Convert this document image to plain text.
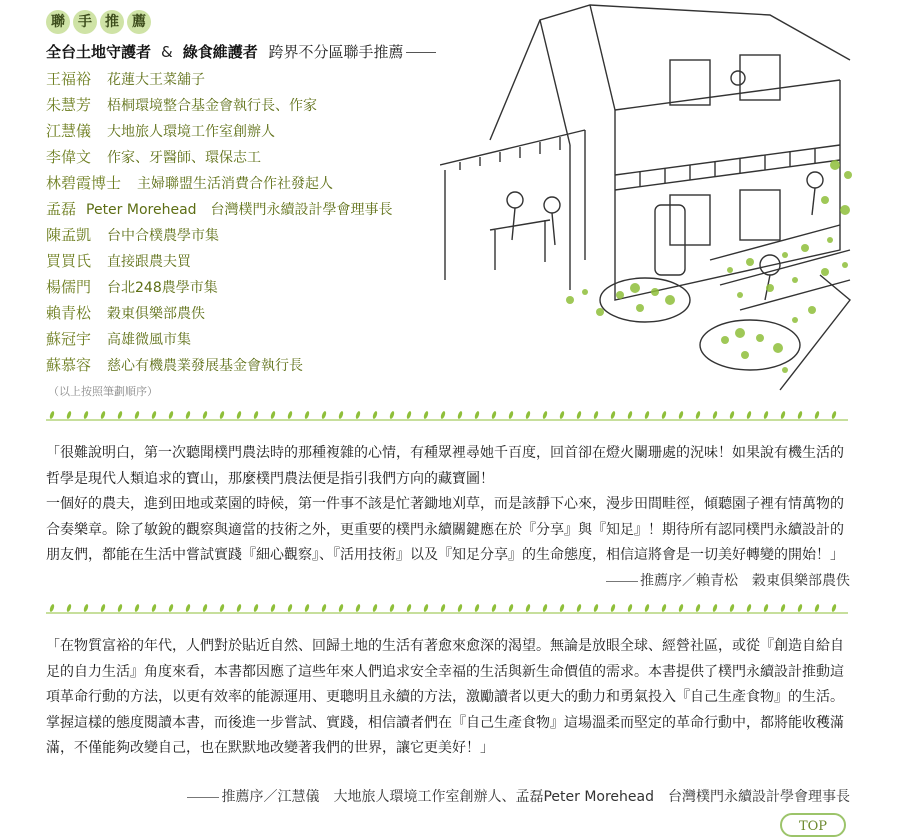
聯 手 推 薦
全台土地守護者 & 綠食維護者 跨界不分區聯手推薦
王福裕 花蓮大王菜舖子
朱慧芳 梧桐環境整合基金會執行長、作家
江慧儀 大地旅人環境工作室創辦人
李偉文 作家、牙醫師、環保志工
林碧霞博士 主婦聯盟生活消費合作社發起人
孟磊 Peter Morehead　台灣樸門永續設計學會理事長
陳孟凱 台中合樸農學市集
買買氏 直接跟農夫買
楊儒門 台北248農學市集
賴青松 穀東俱樂部農佚
蘇冠宇 高雄微風市集
蘇慕容 慈心有機農業發展基金會執行長
（以上按照筆劃順序）

「很難說明白，第一次聽聞樸門農法時的那種複雜的心情，有種眾裡尋她千百度，回首卻在燈火闌珊處的況味！如果說有機生活的哲學是現代人類追求的寶山，那麼樸門農法便是指引我們方向的藏寶圖！

一個好的農夫，進到田地或菜園的時候，第一件事不該是忙著鋤地刈草，而是該靜下心來，漫步田間畦徑，傾聽園子裡有情萬物的合奏樂章。除了敏銳的觀察與適當的技術之外，更重要的樸門永續關鍵應在於『分享』與『知足』！期待所有認同樸門永續設計的朋友們，都能在生活中嘗試實踐『細心觀察』、『活用技術』以及『知足分享』的生命態度，相信這將會是一切美好轉變的開始！」

推薦序／賴青松　穀東俱樂部農佚

「在物質富裕的年代，人們對於貼近自然、回歸土地的生活有著愈來愈深的渴望。無論是放眼全球、經營社區，或從『創造自給自足的自力生活』角度來看，本書都因應了這些年來人們追求安全幸福的生活與新生命價值的需求。本書提供了樸門永續設計推動這項革命行動的方法，以更有效率的能源運用、更聰明且永續的方法，激勵讀者以更大的動力和勇氣投入『自己生產食物』的生活。

掌握這樣的態度閱讀本書，而後進一步嘗試、實踐，相信讀者們在『自己生產食物』這場溫柔而堅定的革命行動中，都將能收穫滿滿，不僅能夠改變自己，也在默默地改變著我們的世界，讓它更美好！」

推薦序／江慧儀　大地旅人環境工作室創辦人、孟磊Peter Morehead　台灣樸門永續設計學會理事長
TOP
